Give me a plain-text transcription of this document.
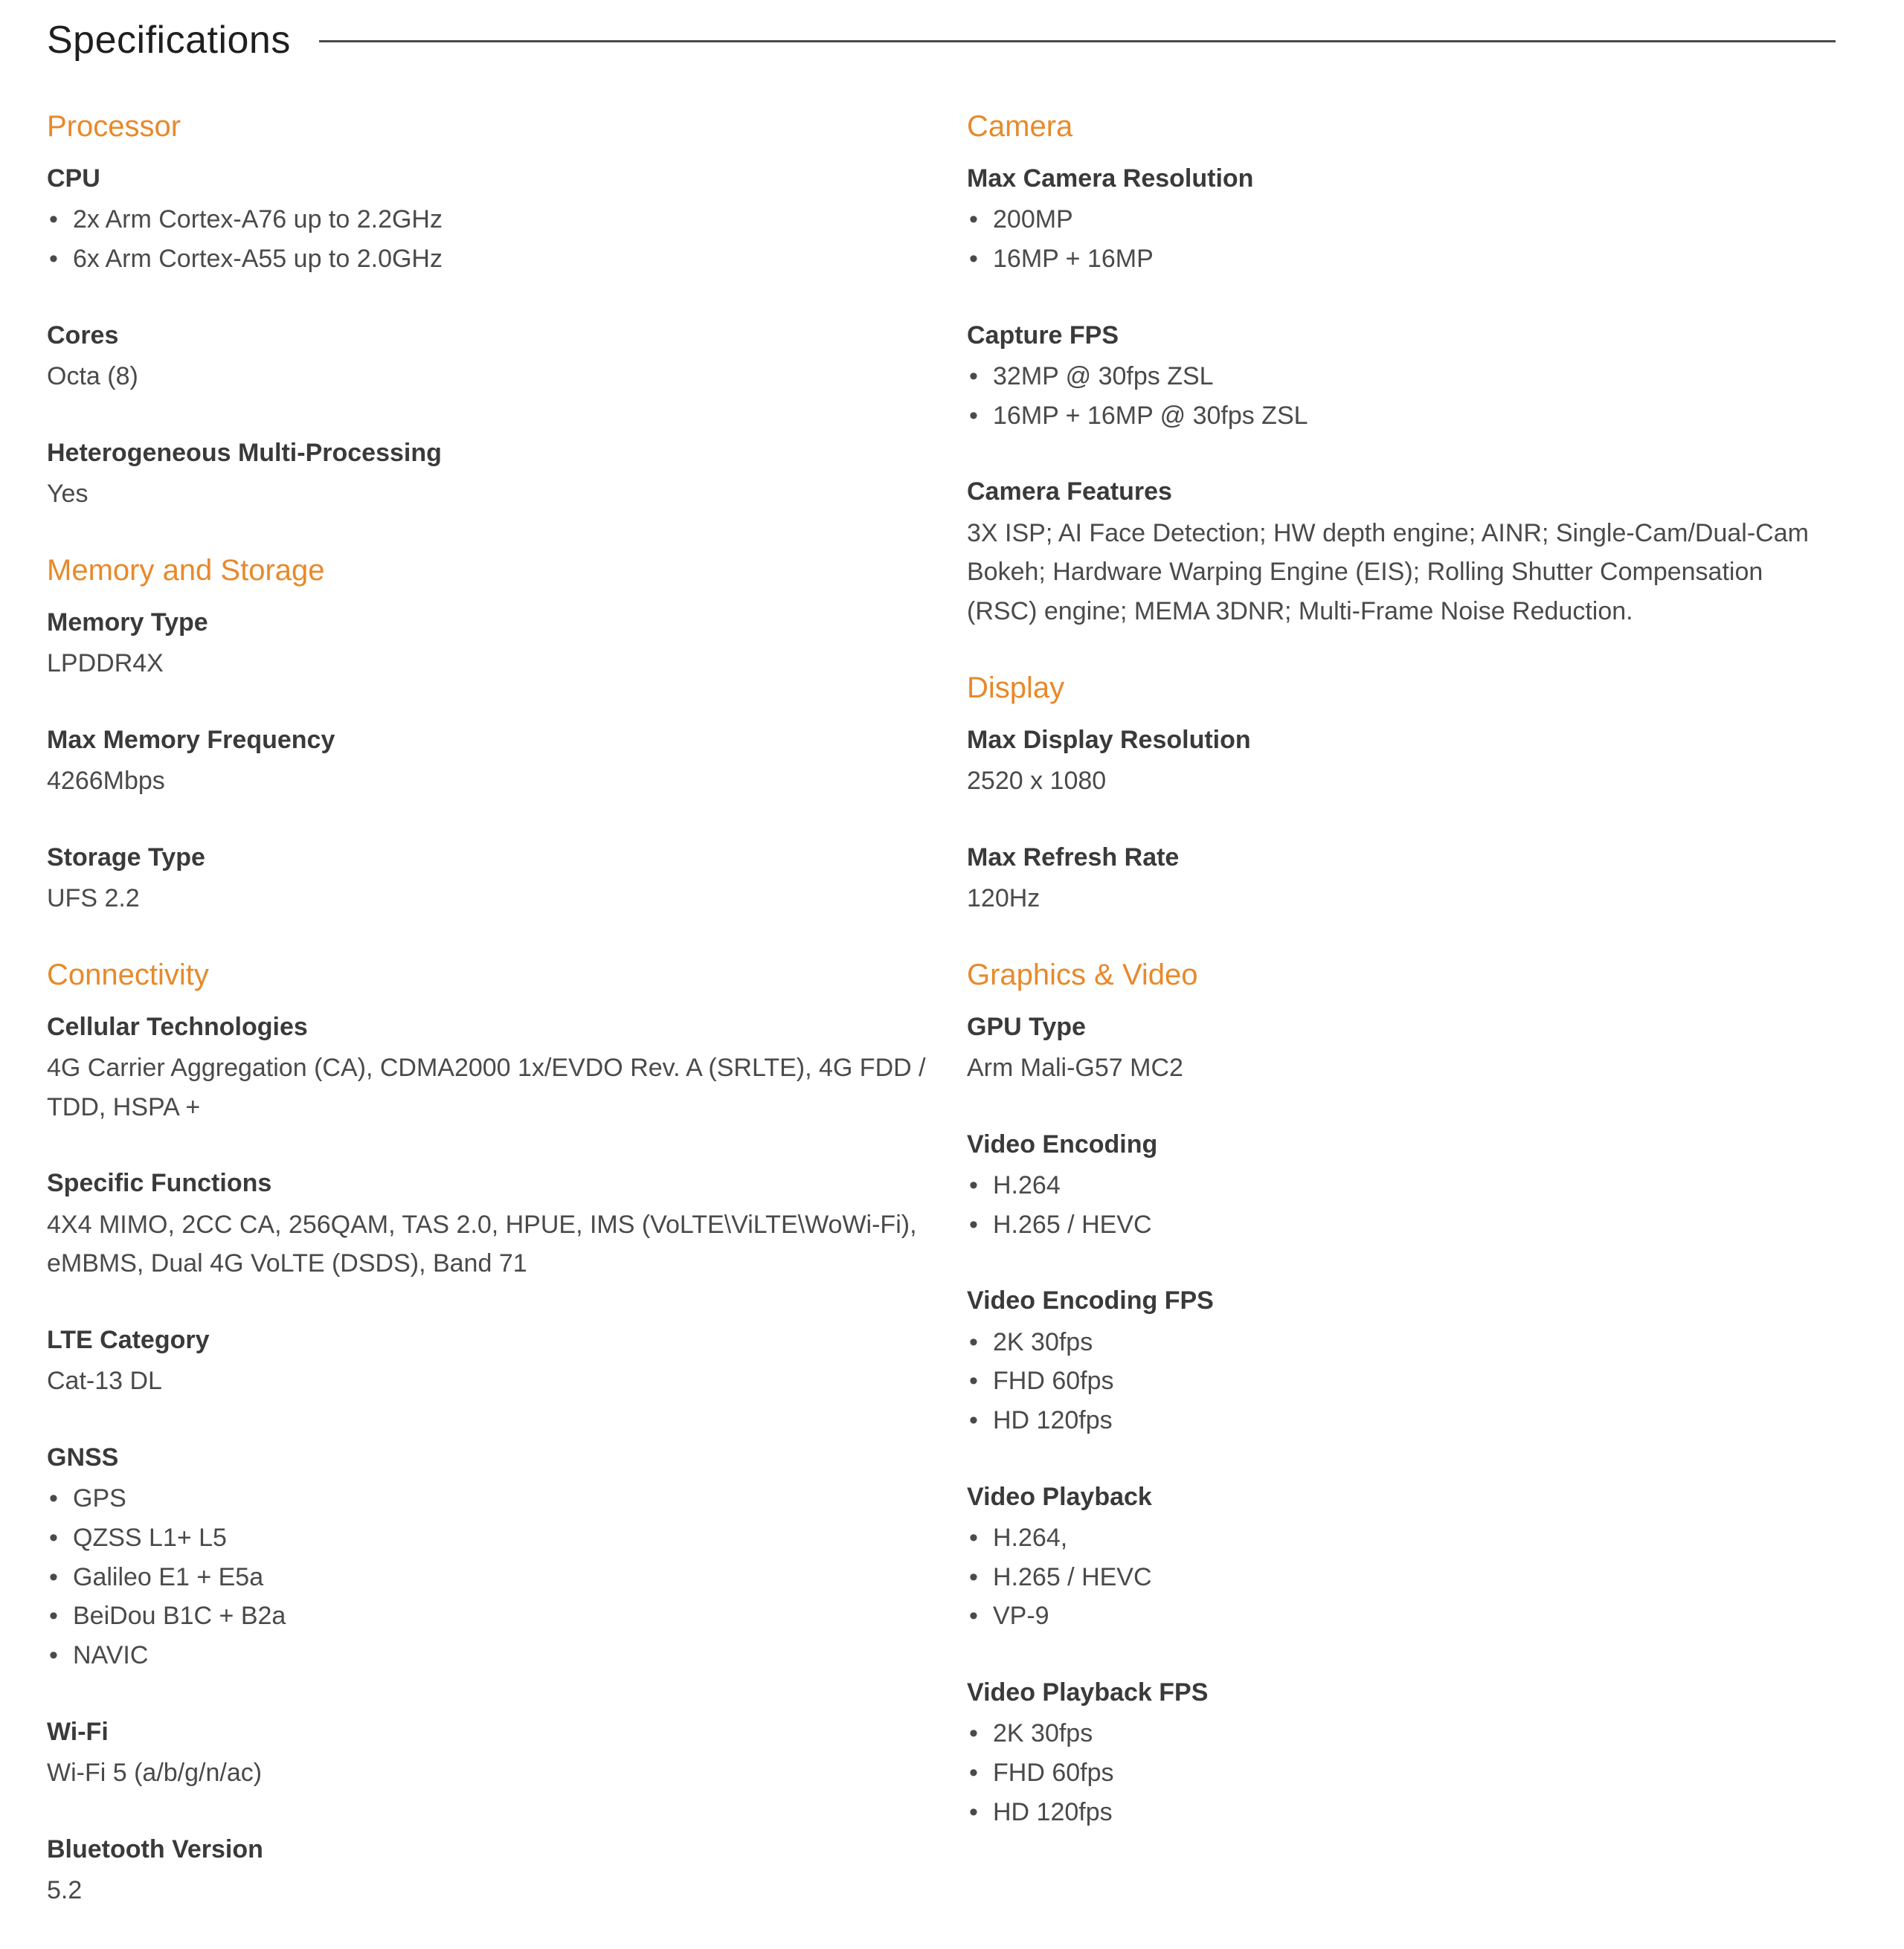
Specifications
Processor
CPU
• 2x Arm Cortex-A76 up to 2.2GHz
• 6x Arm Cortex-A55 up to 2.0GHz
Cores
Octa (8)
Heterogeneous Multi-Processing
Yes
Memory and Storage
Memory Type
LPDDR4X
Max Memory Frequency
4266Mbps
Storage Type
UFS 2.2
Connectivity
Cellular Technologies
4G Carrier Aggregation (CA), CDMA2000 1x/EVDO Rev. A (SRLTE), 4G FDD / TDD, HSPA +
Specific Functions
4X4 MIMO, 2CC CA, 256QAM, TAS 2.0, HPUE, IMS (VoLTE\ViLTE\WoWi-Fi), eMBMS, Dual 4G VoLTE (DSDS), Band 71
LTE Category
Cat-13 DL
GNSS
• GPS
• QZSS L1+ L5
• Galileo E1 + E5a
• BeiDou B1C + B2a
• NAVIC
Wi-Fi
Wi-Fi 5 (a/b/g/n/ac)
Bluetooth Version
5.2
Camera
Max Camera Resolution
• 200MP
• 16MP + 16MP
Capture FPS
• 32MP @ 30fps ZSL
• 16MP + 16MP @ 30fps ZSL
Camera Features
3X ISP; AI Face Detection; HW depth engine; AINR; Single-Cam/Dual-Cam Bokeh; Hardware Warping Engine (EIS); Rolling Shutter Compensation (RSC) engine; MEMA 3DNR; Multi-Frame Noise Reduction.
Display
Max Display Resolution
2520 x 1080
Max Refresh Rate
120Hz
Graphics & Video
GPU Type
Arm Mali-G57 MC2
Video Encoding
• H.264
• H.265 / HEVC
Video Encoding FPS
• 2K 30fps
• FHD 60fps
• HD 120fps
Video Playback
• H.264,
• H.265 / HEVC
• VP-9
Video Playback FPS
• 2K 30fps
• FHD 60fps
• HD 120fps
